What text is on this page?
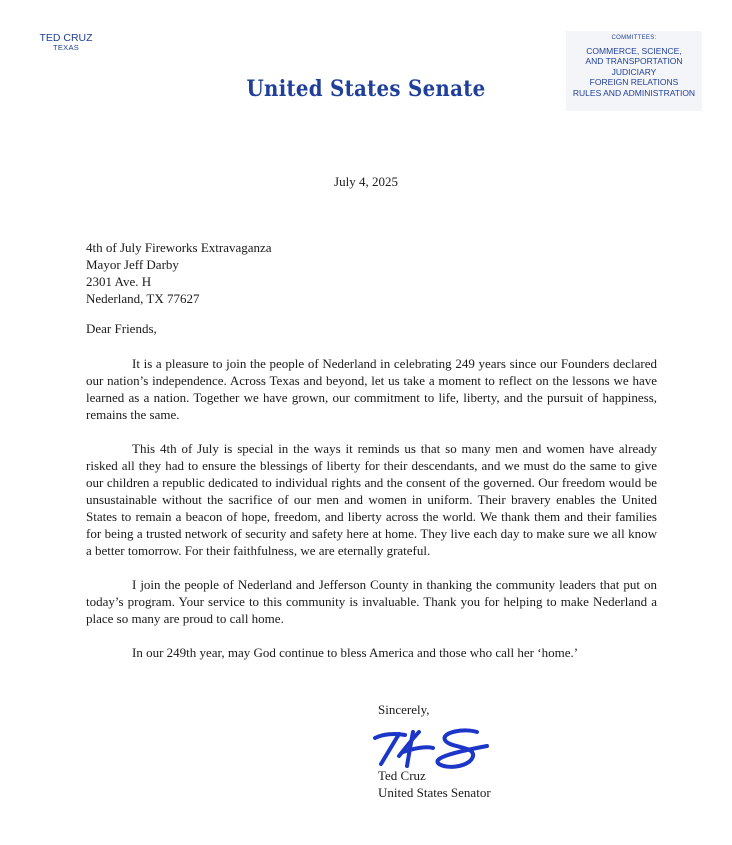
TED CRUZ
TEXAS
COMMITTEES:
COMMERCE, SCIENCE,
AND TRANSPORTATION
JUDICIARY
FOREIGN RELATIONS
RULES AND ADMINISTRATION
United States Senate
July 4, 2025
4th of July Fireworks Extravaganza
Mayor Jeff Darby
2301 Ave. H
Nederland, TX 77627
Dear Friends,

It is a pleasure to join the people of Nederland in celebrating 249 years since our Founders declared our nation’s independence. Across Texas and beyond, let us take a moment to reflect on the lessons we have learned as a nation. Together we have grown, our commitment to life, liberty, and the pursuit of happiness, remains the same.

This 4th of July is special in the ways it reminds us that so many men and women have already risked all they had to ensure the blessings of liberty for their descendants, and we must do the same to give our children a republic dedicated to individual rights and the consent of the governed. Our freedom would be unsustainable without the sacrifice of our men and women in uniform. Their bravery enables the United States to remain a beacon of hope, freedom, and liberty across the world. We thank them and their families for being a trusted network of security and safety here at home. They live each day to make sure we all know a better tomorrow. For their faithfulness, we are eternally grateful.

I join the people of Nederland and Jefferson County in thanking the community leaders that put on today’s program. Your service to this community is invaluable. Thank you for helping to make Nederland a place so many are proud to call home.

In our 249th year, may God continue to bless America and those who call her ‘home.’

Sincerely,
Ted Cruz
United States Senator
